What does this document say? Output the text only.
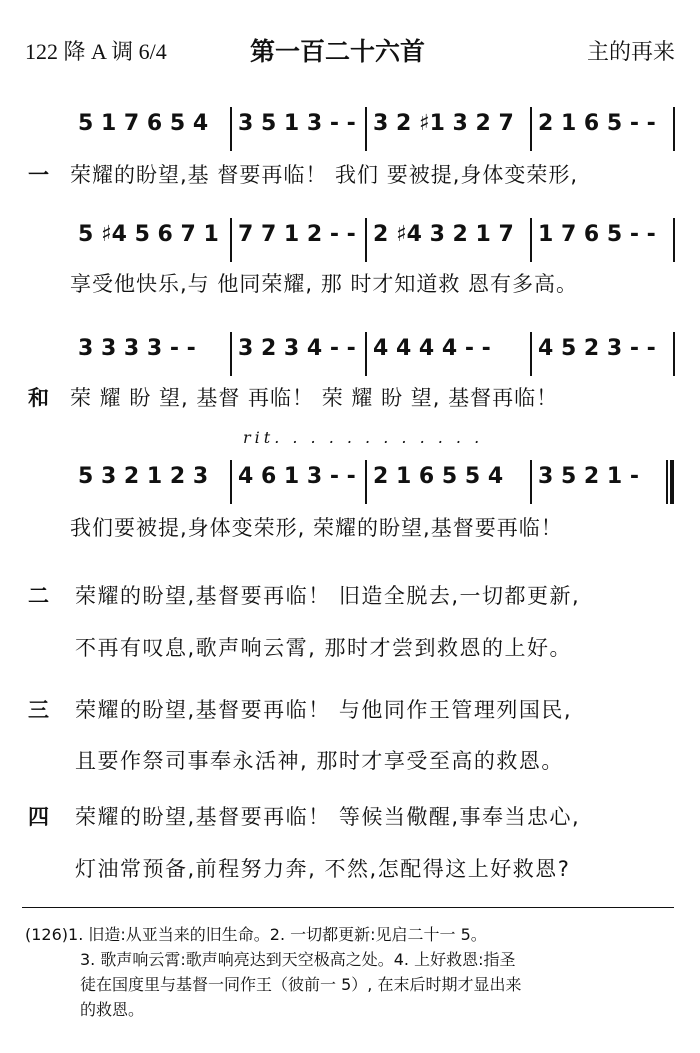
122 降 A 调 6/4	第一百二十六首	主的再来
5 1 7 6 5 4	3 5 1 3 - - 3 2 ♯1 3 2 7	2 1 6 5 - -
一 荣耀的盼望,基 督要再临！ 我们 要被提,身体变荣形,
5 ♯4 5 6 7 1 7 7 1 2 - - 2 ♯4 3 2 1 7	1 7 6 5 - -
享受他快乐,与 他同荣耀, 那 时才知道救 恩有多高。
3 3 3 3 - -	3 2 3 4 - - 4 4 4 4 - -	4 5 2 3 - -
和 荣 耀 盼 望, 基督 再临！ 荣 耀 盼 望, 基督再临！
rit. . . . . . . . . . . .
5 3 2 1 2 3	4 6 1 3 - - 2 1 6 5 5 4	3 5 2 1 -
我们要被提,身体变荣形, 荣耀的盼望,基督要再临！
二 荣耀的盼望,基督要再临！ 旧造全脱去,一切都更新,
不再有叹息,歌声响云霄, 那时才尝到救恩的上好。
三 荣耀的盼望,基督要再临！ 与他同作王管理列国民,
且要作祭司事奉永活神, 那时才享受至高的救恩。
四 荣耀的盼望,基督要再临！ 等候当儆醒,事奉当忠心,
灯油常预备,前程努力奔, 不然,怎配得这上好救恩?
(126)1. 旧造:从亚当来的旧生命。2. 一切都更新:见启二十一 5。
3. 歌声响云霄:歌声响亮达到天空极高之处。4. 上好救恩:指圣
徒在国度里与基督一同作王（彼前一 5）, 在末后时期才显出来
的救恩。
